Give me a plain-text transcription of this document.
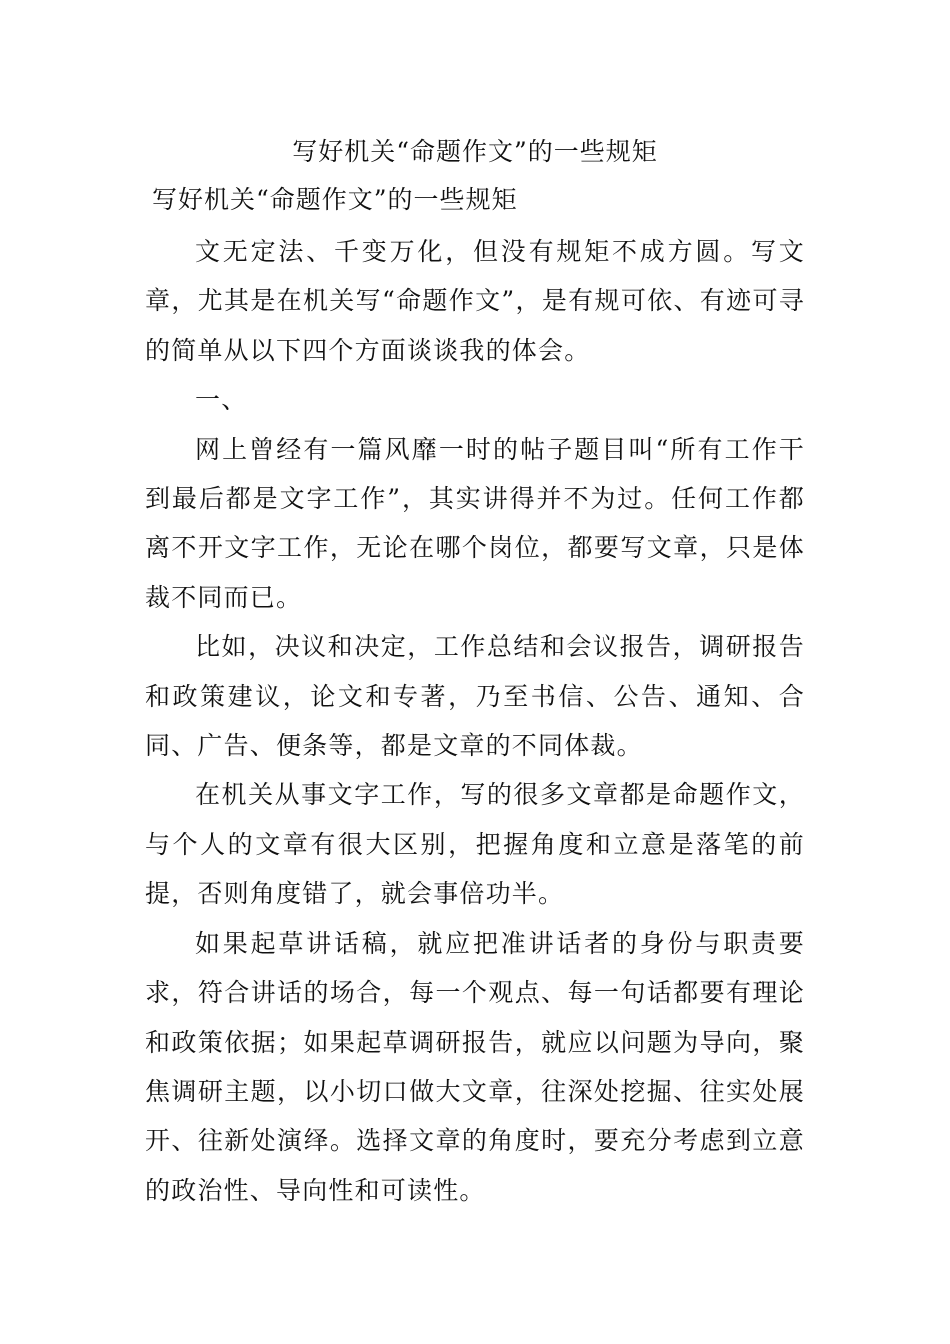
写好机关“命题作文”的一些规矩
写好机关“命题作文”的一些规矩

文无定法、千变万化，但没有规矩不成方圆。写文章，尤其是在机关写“命题作文”，是有规可依、有迹可寻的简单从以下四个方面谈谈我的体会。

一、

网上曾经有一篇风靡一时的帖子题目叫“所有工作干到最后都是文字工作”，其实讲得并不为过。任何工作都离不开文字工作，无论在哪个岗位，都要写文章，只是体裁不同而已。

比如，决议和决定，工作总结和会议报告，调研报告和政策建议，论文和专著，乃至书信、公告、通知、合同、广告、便条等，都是文章的不同体裁。

在机关从事文字工作，写的很多文章都是命题作文，与个人的文章有很大区别，把握角度和立意是落笔的前提，否则角度错了，就会事倍功半。

如果起草讲话稿，就应把准讲话者的身份与职责要求，符合讲话的场合，每一个观点、每一句话都要有理论和政策依据；如果起草调研报告，就应以问题为导向，聚焦调研主题，以小切口做大文章，往深处挖掘、往实处展开、往新处演绎。选择文章的角度时，要充分考虑到立意的政治性、导向性和可读性。
